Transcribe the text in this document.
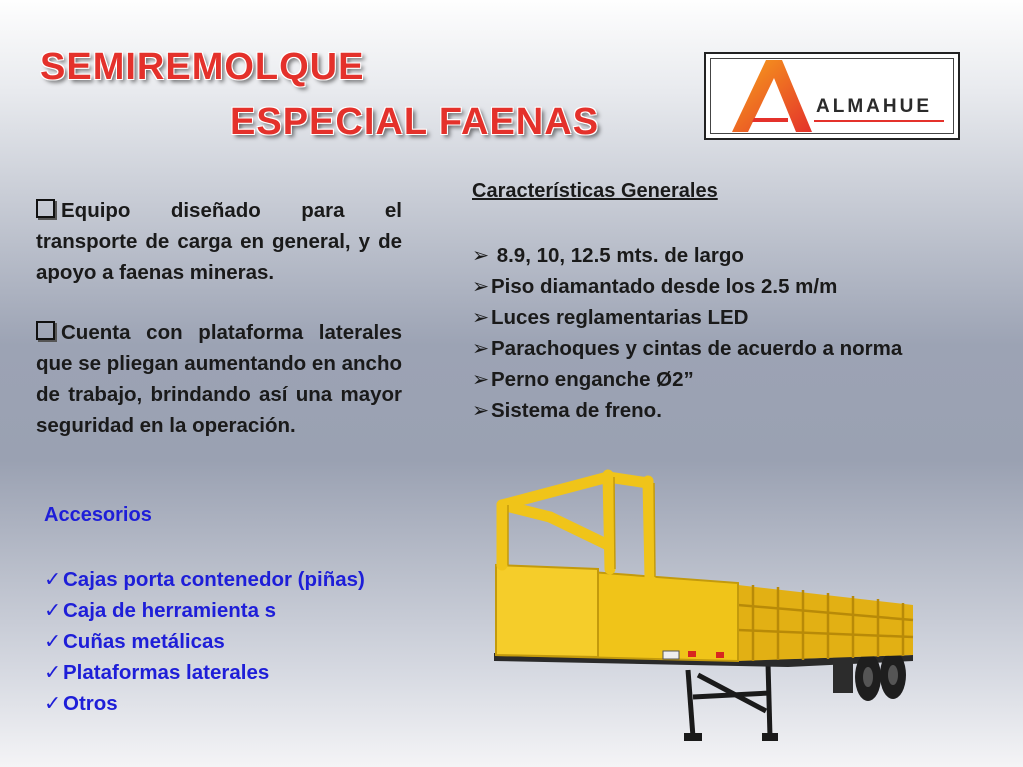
SEMIREMOLQUE
ESPECIAL FAENAS	ALMAHUE

Equipo diseñado para el transporte de carga en general, y de apoyo a faenas mineras.

Cuenta con plataforma laterales que se pliegan aumentando en ancho de trabajo, brindando así una mayor seguridad en la operación.

Accesorios
✓Cajas porta contenedor (piñas)
✓Caja de herramienta s
✓Cuñas metálicas
✓Plataformas laterales
✓Otros
Características Generales
➢ 8.9, 10, 12.5 mts. de largo
➢Piso diamantado desde los 2.5 m/m
➢Luces reglamentarias LED
➢Parachoques y cintas de acuerdo a norma
➢Perno enganche Ø2”
➢Sistema de freno.
